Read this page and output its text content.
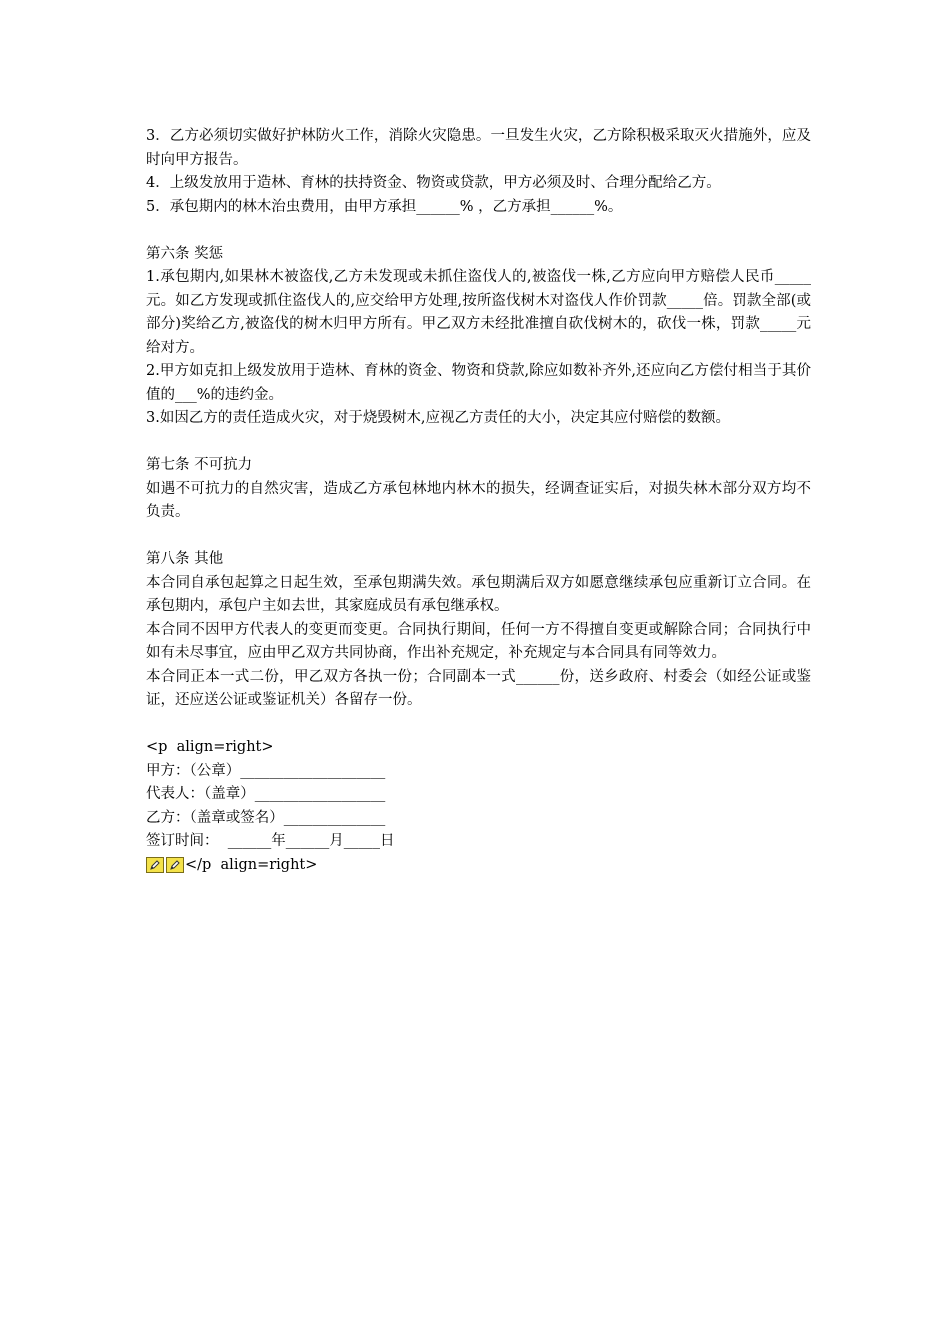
3．乙方必须切实做好护林防火工作，消除火灾隐患。一旦发生火灾，乙方除积极采取灭火措施外，应及时向甲方报告。

4．上级发放用于造林、育林的扶持资金、物资或贷款，甲方必须及时、合理分配给乙方。

5．承包期内的林木治虫费用，由甲方承担______% ，乙方承担______%。

第六条 奖惩

1.承包期内,如果林木被盗伐,乙方未发现或未抓住盗伐人的,被盗伐一株,乙方应向甲方赔偿人民币_____元。如乙方发现或抓住盗伐人的,应交给甲方处理,按所盗伐树木对盗伐人作价罚款_____倍。罚款全部(或部分)奖给乙方,被盗伐的树木归甲方所有。甲乙双方未经批准擅自砍伐树木的，砍伐一株，罚款_____元给对方。

2.甲方如克扣上级发放用于造林、育林的资金、物资和贷款,除应如数补齐外,还应向乙方偿付相当于其价值的___%的违约金。

3.如因乙方的责任造成火灾，对于烧毁树木,应视乙方责任的大小，决定其应付赔偿的数额。

第七条 不可抗力

如遇不可抗力的自然灾害，造成乙方承包林地内林木的损失，经调查证实后，对损失林木部分双方均不负责。

第八条 其他

本合同自承包起算之日起生效，至承包期满失效。承包期满后双方如愿意继续承包应重新订立合同。在承包期内，承包户主如去世，其家庭成员有承包继承权。

本合同不因甲方代表人的变更而变更。合同执行期间，任何一方不得擅自变更或解除合同；合同执行中如有未尽事宜，应由甲乙双方共同协商，作出补充规定，补充规定与本合同具有同等效力。

本合同正本一式二份，甲乙双方各执一份；合同副本一式______份，送乡政府、村委会（如经公证或鉴证，还应送公证或鉴证机关）各留存一份。

<p  align=right>
甲方：（公章）____________________
代表人：（盖章）__________________
乙方：（盖章或签名）______________
签订时间：  ______年______月_____日
</p  align=right>
